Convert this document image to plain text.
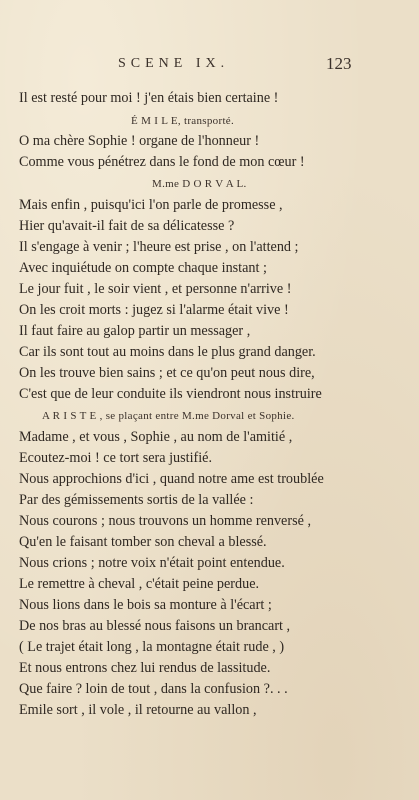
SCENE IX.	123
Il est resté pour moi ! j'en étais bien certaine !
É M I L E, transporté.
O ma chère Sophie ! organe de l'honneur !
Comme vous pénétrez dans le fond de mon cœur !
M.me D O R V A L.
Mais enfin , puisqu'ici l'on parle de promesse ,
Hier qu'avait-il fait de sa délicatesse ?
Il s'engage à venir ; l'heure est prise , on l'attend ;
Avec inquiétude on compte chaque instant ;
Le jour fuit , le soir vient , et personne n'arrive !
On les croit morts : jugez si l'alarme était vive !
Il faut faire au galop partir un messager ,
Car ils sont tout au moins dans le plus grand danger.
On les trouve bien sains ; et ce qu'on peut nous dire,
C'est que de leur conduite ils viendront nous instruire
A R I S T E , se plaçant entre M.me Dorval et Sophie.
Madame , et vous , Sophie , au nom de l'amitié ,
Ecoutez-moi ! ce tort sera justifié.
Nous approchions d'ici , quand notre ame est troublée
Par des gémissements sortis de la vallée :
Nous courons ; nous trouvons un homme renversé ,
Qu'en le faisant tomber son cheval a blessé.
Nous crions ; notre voix n'était point entendue.
Le remettre à cheval , c'était peine perdue.
Nous lions dans le bois sa monture à l'écart ;
De nos bras au blessé nous faisons un brancart ,
( Le trajet était long , la montagne était rude , )
Et nous entrons chez lui rendus de lassitude.
Que faire ? loin de tout , dans la confusion ?. . .
Emile sort , il vole , il retourne au vallon ,
